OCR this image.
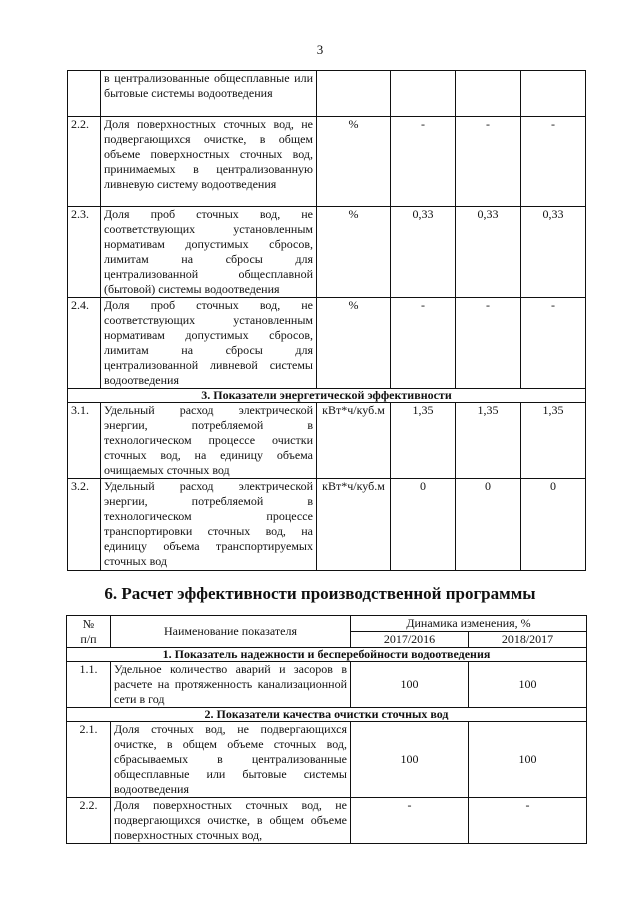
3
	в централизованные общесплавные или бытовые системы водоотведения				
2.2.	Доля поверхностных сточных вод, не подвергающихся очистке, в общем объеме поверхностных сточных вод, принимаемых в централизованную ливневую систему водоотведения	%	-	-	-
2.3.	Доля проб сточных вод, не соответствующих установленным нормативам допустимых сбросов, лимитам на сбросы для централизованной общесплавной (бытовой) системы водоотведения	%	0,33	0,33	0,33
2.4.	Доля проб сточных вод, не соответствующих установленным нормативам допустимых сбросов, лимитам на сбросы для централизованной ливневой системы водоотведения	%	-	-	-
3. Показатели энергетической эффективности					
3.1.	Удельный расход электрической энергии, потребляемой в технологическом процессе очистки сточных вод, на единицу объема очищаемых сточных вод	кВт*ч/куб.м	1,35	1,35	1,35
3.2.	Удельный расход электрической энергии, потребляемой в технологическом процессе транспортировки сточных вод, на единицу объема транспортируемых сточных вод	кВт*ч/куб.м	0	0	0
6. Расчет эффективности производственной программы
№
п/п	Наименование показателя	Динамика изменения, %	
		2017/2016	2018/2017
1. Показатель надежности и бесперебойности водоотведения			
1.1.	Удельное количество аварий и засоров в расчете на протяженность канализационной сети в год	100	100
2. Показатели качества очистки сточных вод			
2.1.	Доля сточных вод, не подвергающихся очистке, в общем объеме сточных вод, сбрасываемых в централизованные общесплавные или бытовые системы водоотведения	100	100
2.2.	Доля поверхностных сточных вод, не подвергающихся очистке, в общем объеме поверхностных сточных вод,	-	-
